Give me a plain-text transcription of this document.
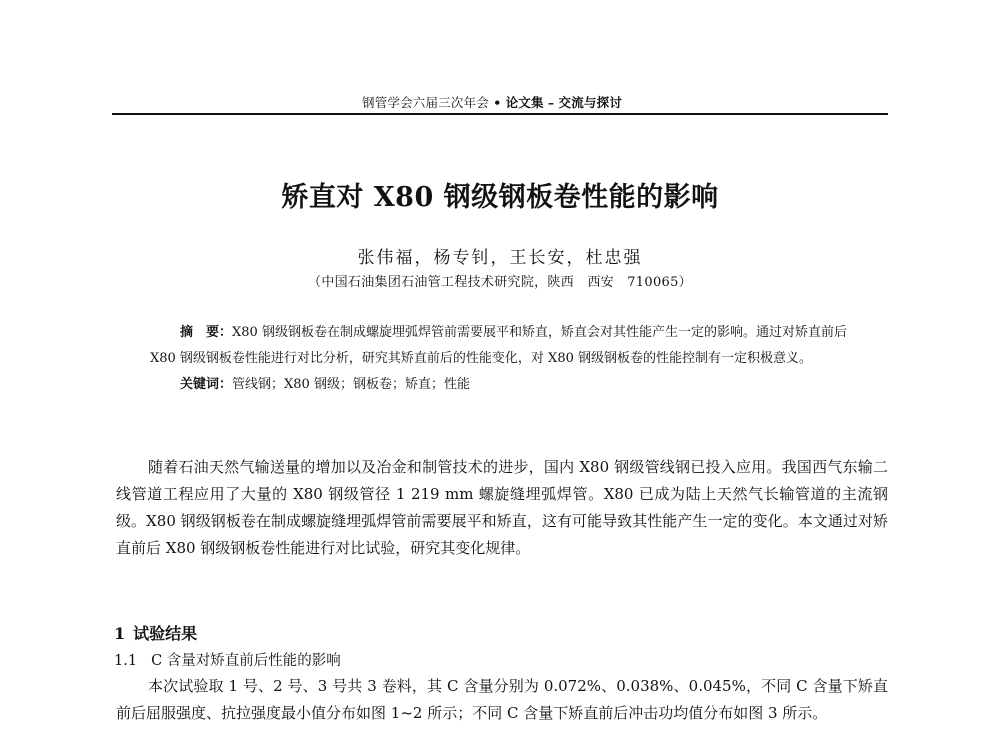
钢管学会六届三次年会 • 论文集 – 交流与探讨
矫直对 X80 钢级钢板卷性能的影响
张伟福，杨专钊，王长安，杜忠强
（中国石油集团石油管工程技术研究院，陕西　西安　710065）

摘　要：X80 钢级钢板卷在制成螺旋埋弧焊管前需要展平和矫直，矫直会对其性能产生一定的影响。通过对矫直前后 X80 钢级钢板卷性能进行对比分析，研究其矫直前后的性能变化，对 X80 钢级钢板卷的性能控制有一定积极意义。

关键词：管线钢；X80 钢级；钢板卷；矫直；性能

随着石油天然气输送量的增加以及冶金和制管技术的进步，国内 X80 钢级管线钢已投入应用。我国西气东输二线管道工程应用了大量的 X80 钢级管径 1 219 mm 螺旋缝埋弧焊管。X80 已成为陆上天然气长输管道的主流钢级。X80 钢级钢板卷在制成螺旋缝埋弧焊管前需要展平和矫直，这有可能导致其性能产生一定的变化。本文通过对矫直前后 X80 钢级钢板卷性能进行对比试验，研究其变化规律。

1 试验结果
1.1 C 含量对矫直前后性能的影响

本次试验取 1 号、2 号、3 号共 3 卷料，其 C 含量分别为 0.072%、0.038%、0.045%，不同 C 含量下矫直前后屈服强度、抗拉强度最小值分布如图 1~2 所示；不同 C 含量下矫直前后冲击功均值分布如图 3 所示。
